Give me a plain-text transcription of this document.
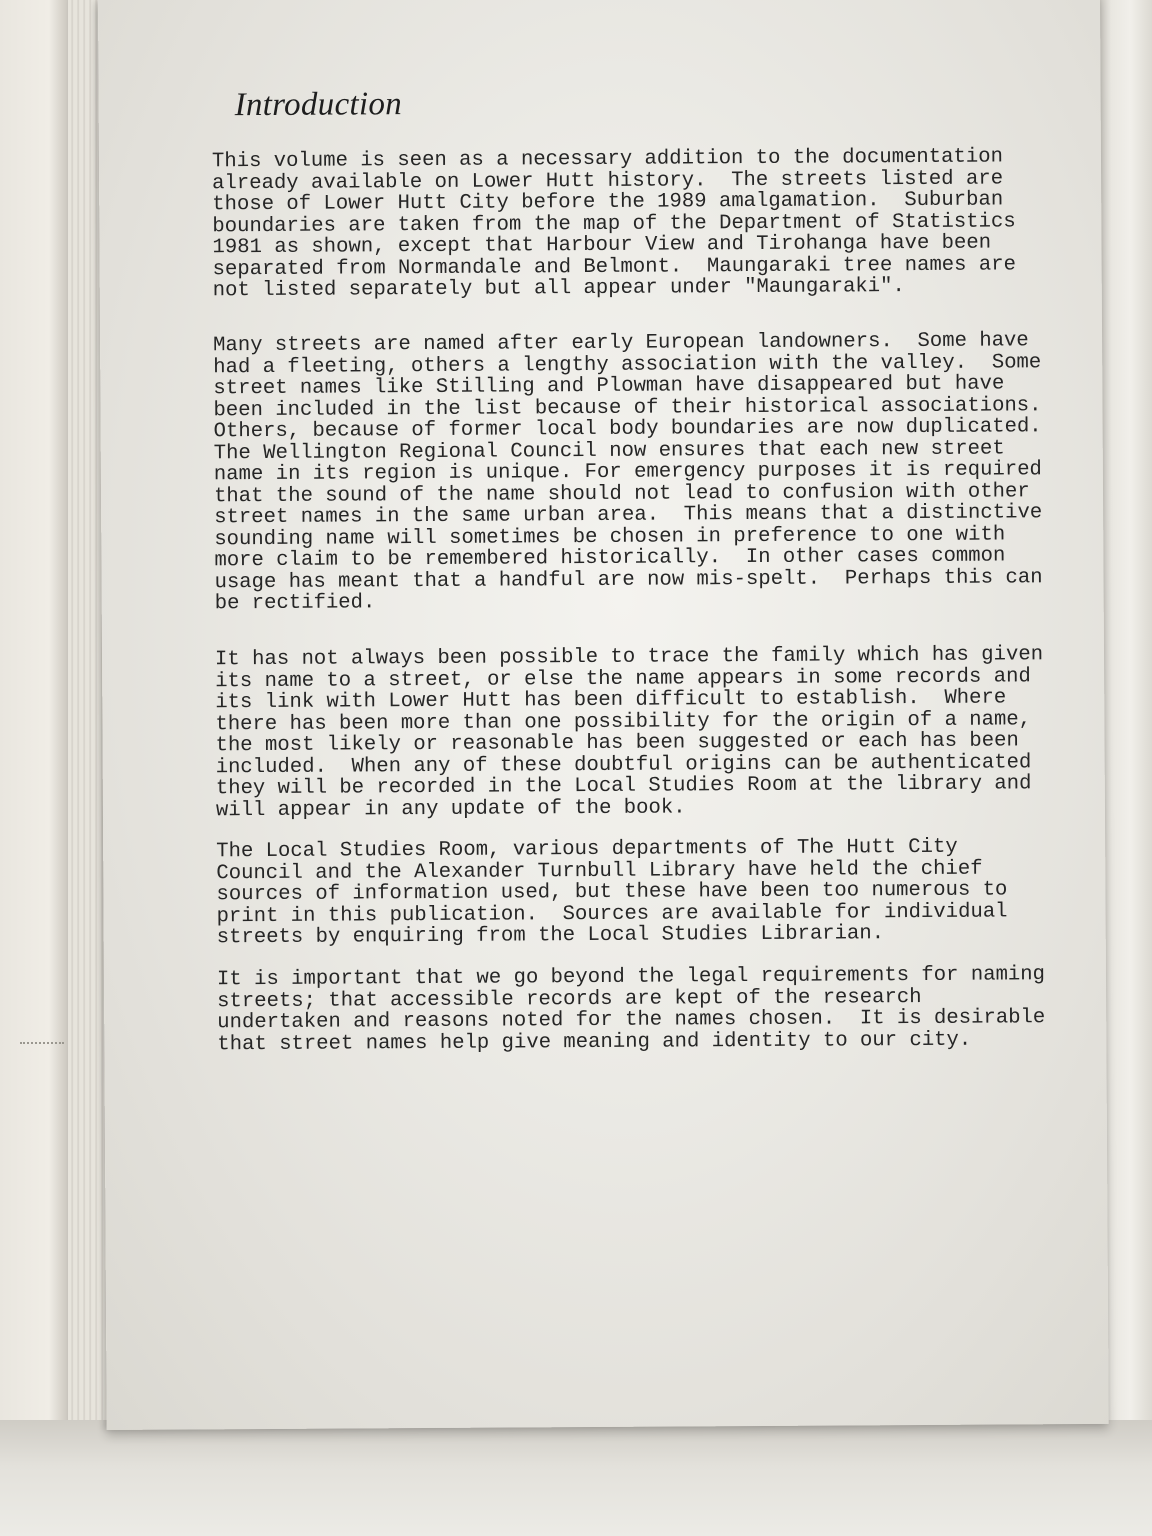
Introduction
This volume is seen as a necessary addition to the documentation
already available on Lower Hutt history.  The streets listed are
those of Lower Hutt City before the 1989 amalgamation.  Suburban
boundaries are taken from the map of the Department of Statistics
1981 as shown, except that Harbour View and Tirohanga have been
separated from Normandale and Belmont.  Maungaraki tree names are
not listed separately but all appear under "Maungaraki".
Many streets are named after early European landowners.  Some have
had a fleeting, others a lengthy association with the valley.  Some
street names like Stilling and Plowman have disappeared but have
been included in the list because of their historical associations.
Others, because of former local body boundaries are now duplicated.
The Wellington Regional Council now ensures that each new street
name in its region is unique. For emergency purposes it is required
that the sound of the name should not lead to confusion with other
street names in the same urban area.  This means that a distinctive
sounding name will sometimes be chosen in preference to one with
more claim to be remembered historically.  In other cases common
usage has meant that a handful are now mis-spelt.  Perhaps this can
be rectified.
It has not always been possible to trace the family which has given
its name to a street, or else the name appears in some records and
its link with Lower Hutt has been difficult to establish.  Where
there has been more than one possibility for the origin of a name,
the most likely or reasonable has been suggested or each has been
included.  When any of these doubtful origins can be authenticated
they will be recorded in the Local Studies Room at the library and
will appear in any update of the book.
The Local Studies Room, various departments of The Hutt City
Council and the Alexander Turnbull Library have held the chief
sources of information used, but these have been too numerous to
print in this publication.  Sources are available for individual
streets by enquiring from the Local Studies Librarian.
It is important that we go beyond the legal requirements for naming
streets; that accessible records are kept of the research
undertaken and reasons noted for the names chosen.  It is desirable
that street names help give meaning and identity to our city.
